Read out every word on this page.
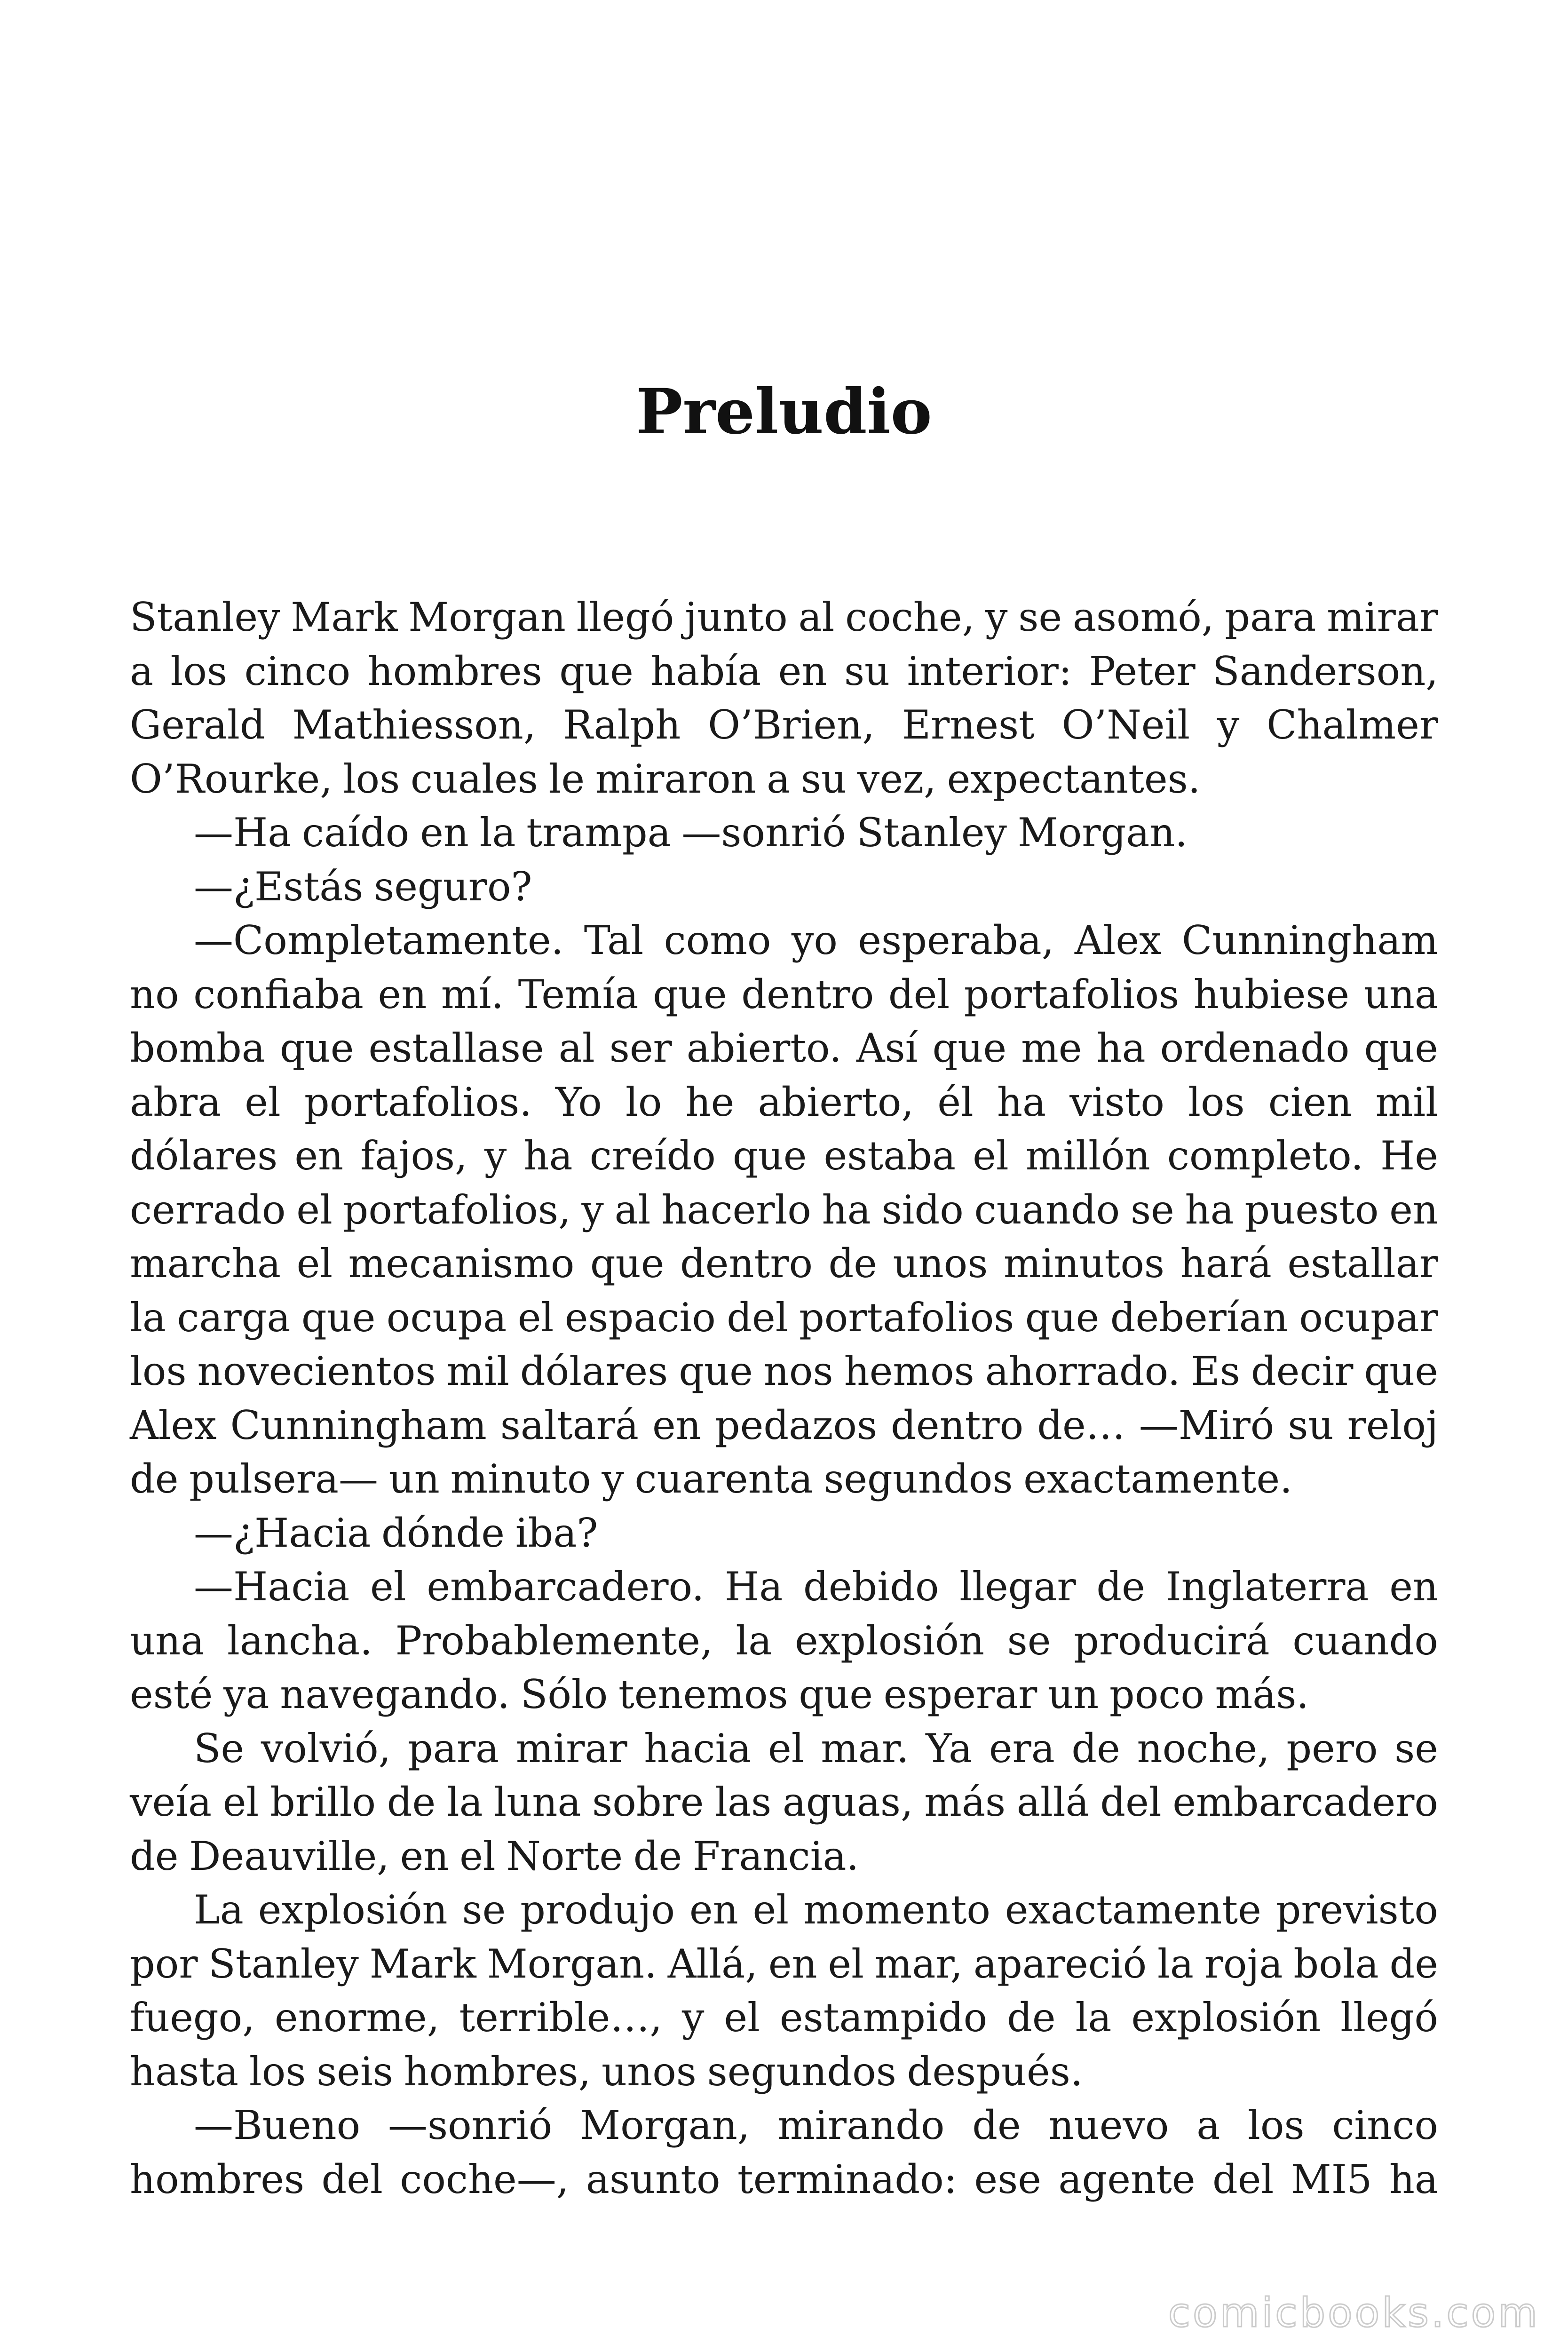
Preludio

Stanley Mark Morgan llegó junto al coche, y se asomó, para mirar a los cinco hombres que había en su interior: Peter Sanderson, Gerald Mathiesson, Ralph O’Brien, Ernest O’Neil y Chalmer O’Rourke, los cuales le miraron a su vez, expectantes.

—Ha caído en la trampa —sonrió Stanley Morgan.

—¿Estás seguro?

—Completamente. Tal como yo esperaba, Alex Cunningham no confiaba en mí. Temía que dentro del portafolios hubiese una bomba que estallase al ser abierto. Así que me ha ordenado que abra el portafolios. Yo lo he abierto, él ha visto los cien mil dólares en fajos, y ha creído que estaba el millón completo. He cerrado el portafolios, y al hacerlo ha sido cuando se ha puesto en marcha el mecanismo que dentro de unos minutos hará estallar la carga que ocupa el espacio del portafolios que deberían ocupar los novecientos mil dólares que nos hemos ahorrado. Es decir que Alex Cunningham saltará en pedazos dentro de… —Miró su reloj de pulsera— un minuto y cuarenta segundos exactamente.

—¿Hacia dónde iba?

—Hacia el embarcadero. Ha debido llegar de Inglaterra en una lancha. Probablemente, la explosión se producirá cuando esté ya navegando. Sólo tenemos que esperar un poco más.

Se volvió, para mirar hacia el mar. Ya era de noche, pero se veía el brillo de la luna sobre las aguas, más allá del embarcadero de Deauville, en el Norte de Francia.

La explosión se produjo en el momento exactamente previsto por Stanley Mark Morgan. Allá, en el mar, apareció la roja bola de fuego, enorme, terrible…, y el estampido de la explosión llegó hasta los seis hombres, unos segundos después.

—Bueno —sonrió Morgan, mirando de nuevo a los cinco hombres del coche—, asunto terminado: ese agente del MI5 ha

comicbooks.com
